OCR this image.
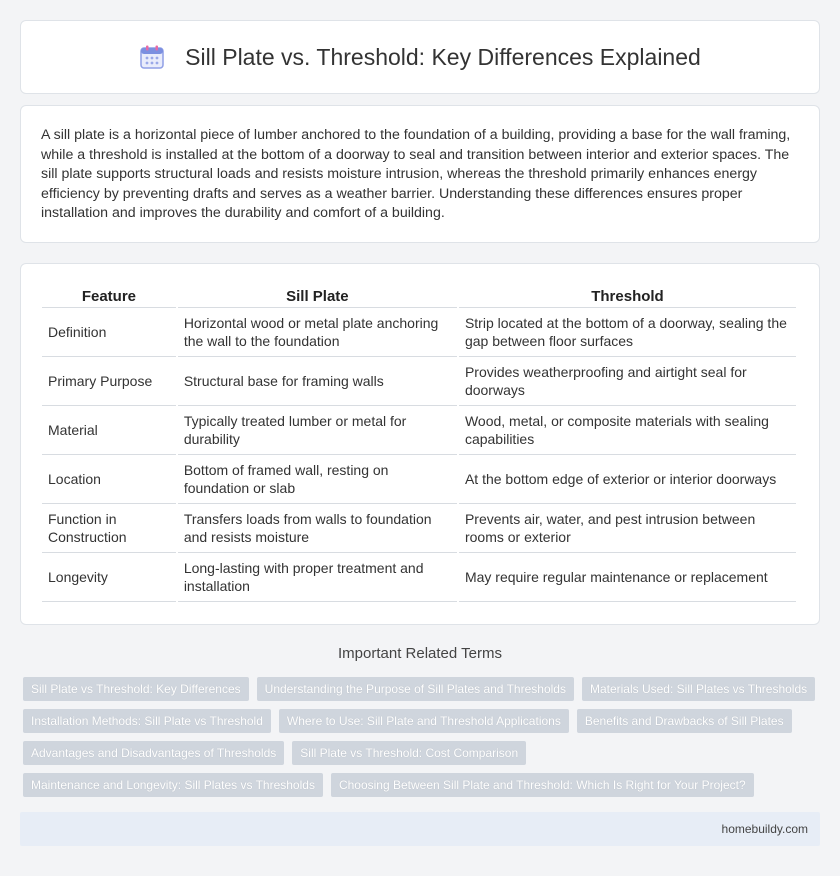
Sill Plate vs. Threshold: Key Differences Explained

A sill plate is a horizontal piece of lumber anchored to the foundation of a building, providing a base for the wall framing, while a threshold is installed at the bottom of a doorway to seal and transition between interior and exterior spaces. The sill plate supports structural loads and resists moisture intrusion, whereas the threshold primarily enhances energy efficiency by preventing drafts and serves as a weather barrier. Understanding these differences ensures proper installation and improves the durability and comfort of a building.

Feature	Sill Plate	Threshold
Definition	Horizontal wood or metal plate anchoring the wall to the foundation	Strip located at the bottom of a doorway, sealing the gap between floor surfaces
Primary Purpose	Structural base for framing walls	Provides weatherproofing and airtight seal for doorways
Material	Typically treated lumber or metal for durability	Wood, metal, or composite materials with sealing capabilities
Location	Bottom of framed wall, resting on foundation or slab	At the bottom edge of exterior or interior doorways
Function in Construction	Transfers loads from walls to foundation and resists moisture	Prevents air, water, and pest intrusion between rooms or exterior
Longevity	Long-lasting with proper treatment and installation	May require regular maintenance or replacement
Important Related Terms
Sill Plate vs Threshold: Key Differences	Understanding the Purpose of Sill Plates and Thresholds	Materials Used: Sill Plates vs Thresholds
Installation Methods: Sill Plate vs Threshold	Where to Use: Sill Plate and Threshold Applications	Benefits and Drawbacks of Sill Plates
Advantages and Disadvantages of Thresholds	Sill Plate vs Threshold: Cost Comparison
Maintenance and Longevity: Sill Plates vs Thresholds	Choosing Between Sill Plate and Threshold: Which Is Right for Your Project?
homebuildy.com
